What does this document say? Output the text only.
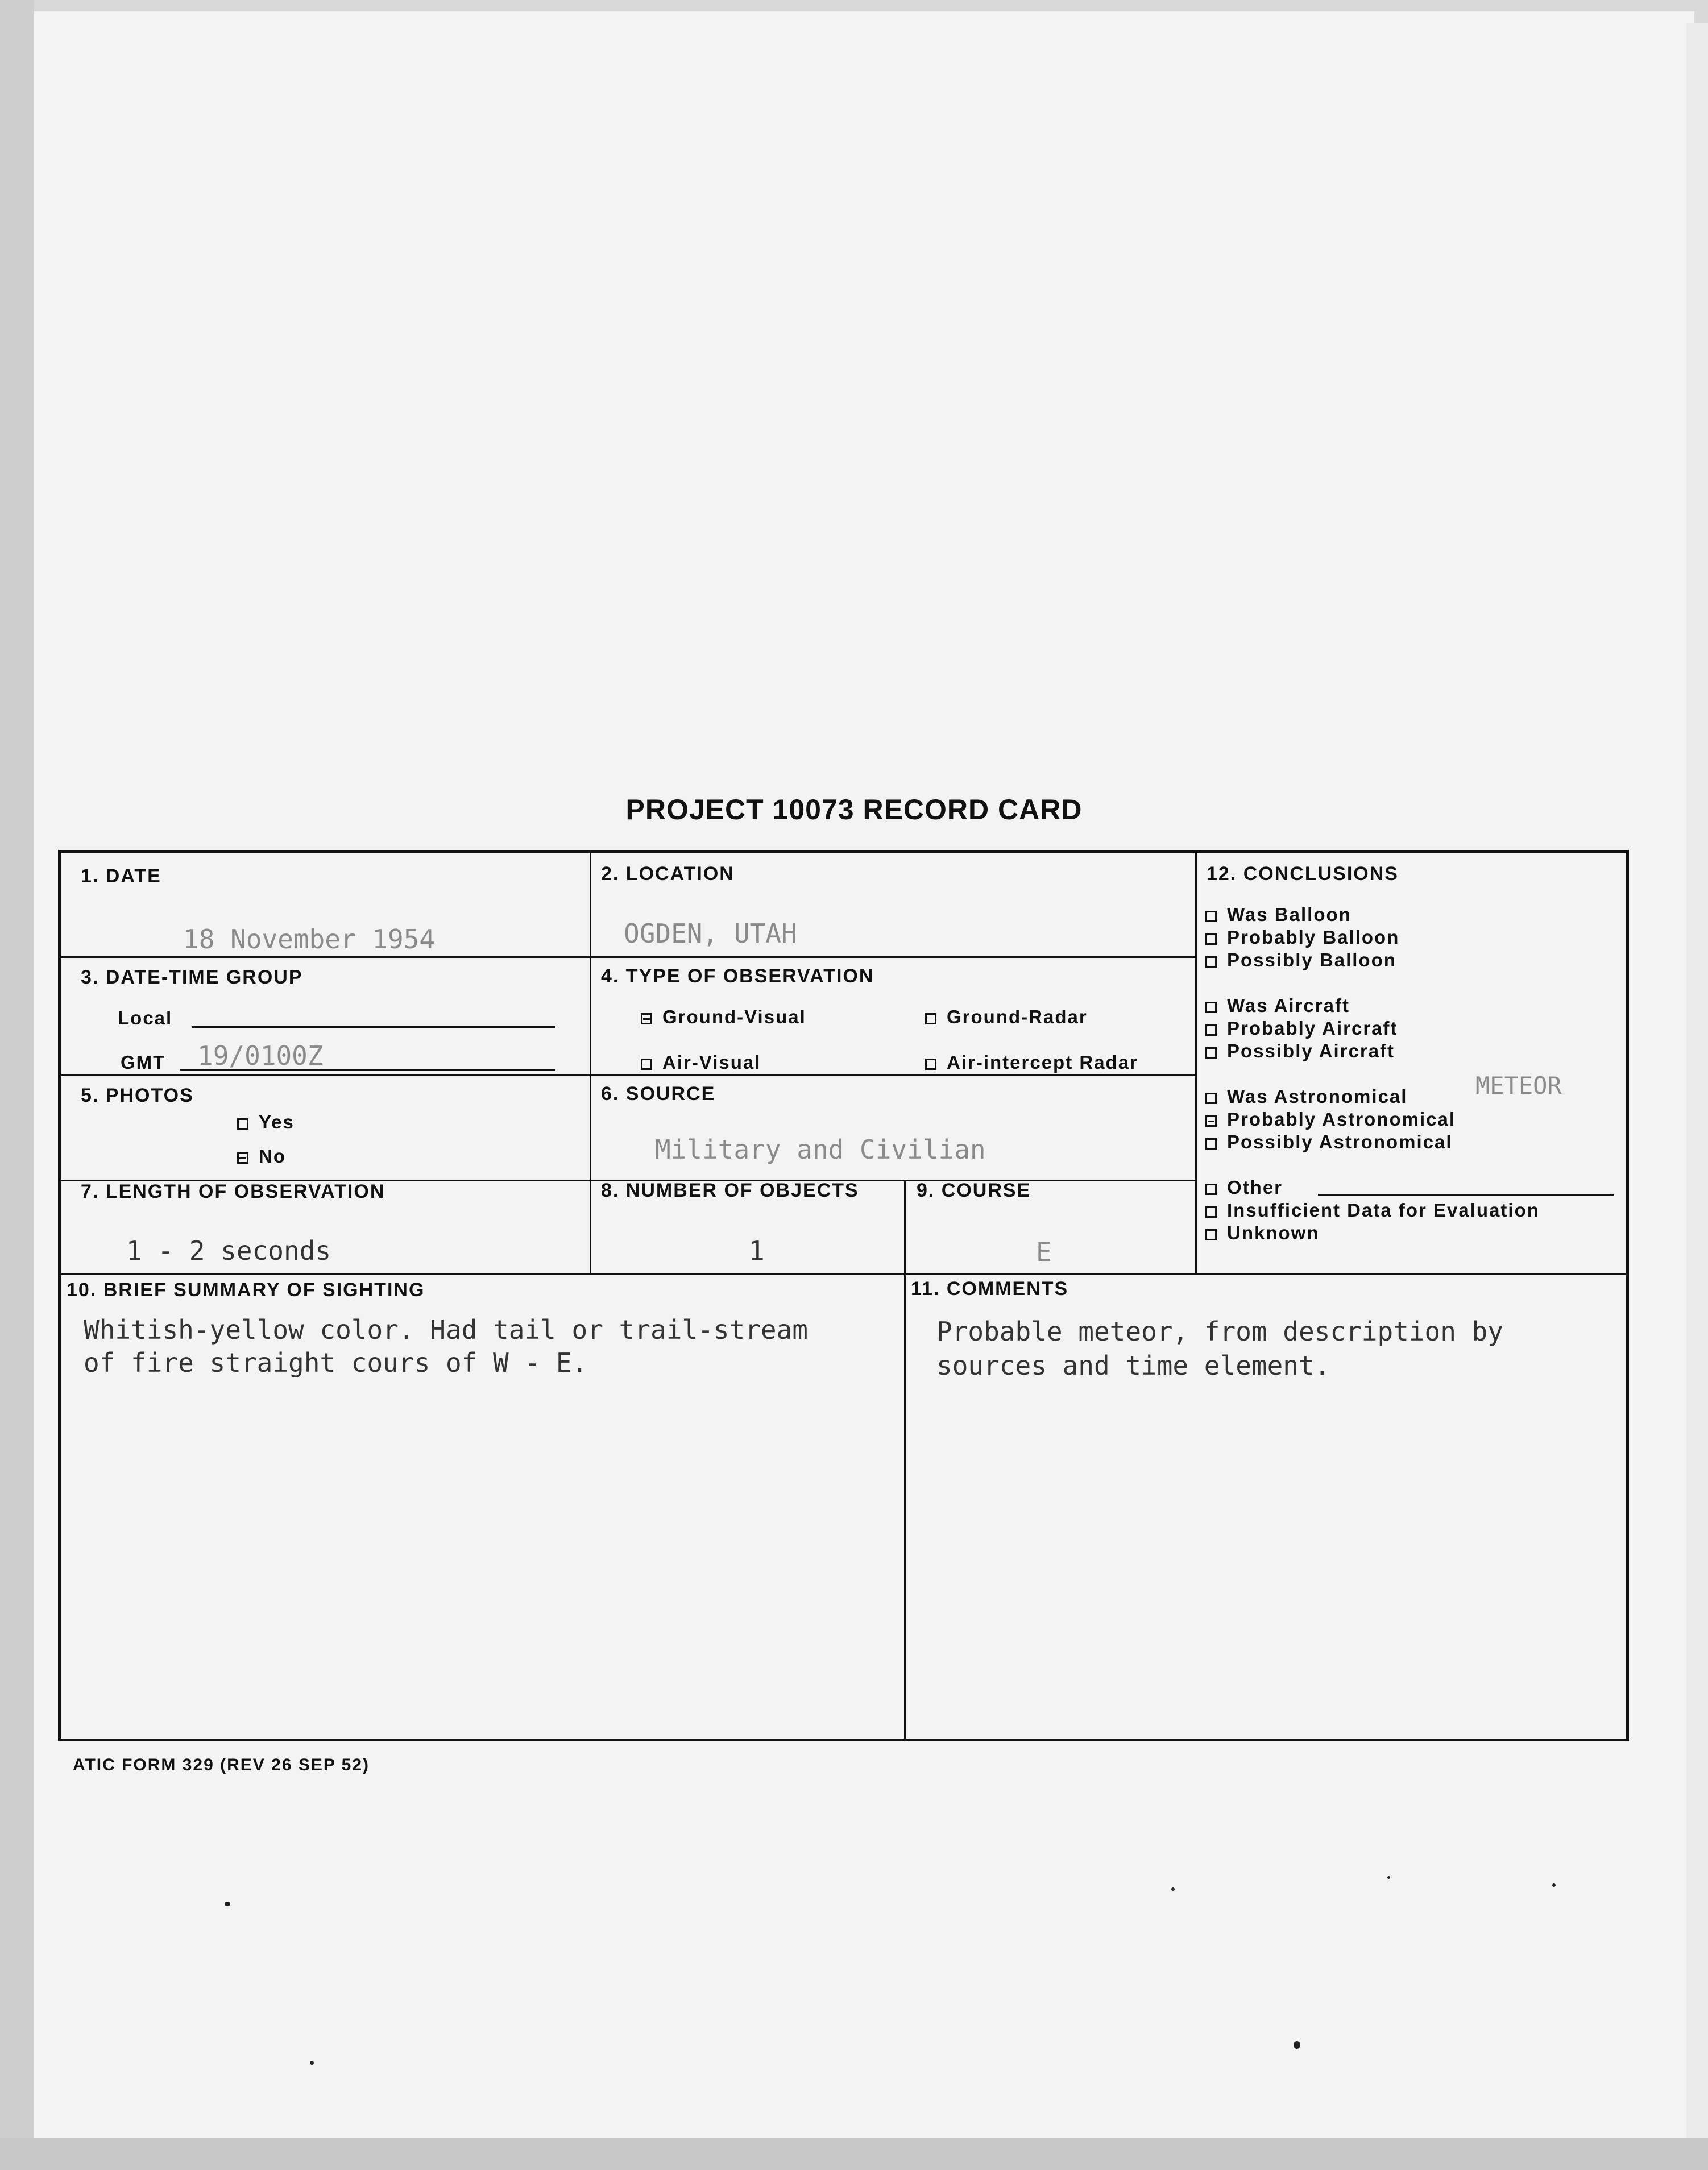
PROJECT 10073 RECORD CARD
1. DATE
18 November 1954
2. LOCATION
OGDEN, UTAH
3. DATE-TIME GROUP
Local
GMT 19/0100Z
4. TYPE OF OBSERVATION
Ground-Visual	Ground-Radar
Air-Visual	Air-intercept Radar
5. PHOTOS
Yes
No
6. SOURCE
Military and Civilian
7. LENGTH OF OBSERVATION
1 - 2 seconds
8. NUMBER OF OBJECTS
1
9. COURSE
E
10. BRIEF SUMMARY OF SIGHTING
Whitish-yellow color. Had tail or trail-stream
of fire straight cours of W - E.
11. COMMENTS
Probable meteor, from description by
sources and time element.
12. CONCLUSIONS
Was Balloon
Probably Balloon
Possibly Balloon
Was Aircraft
Probably Aircraft
Possibly Aircraft
Was Astronomical	METEOR
Probably Astronomical
Possibly Astronomical
Other
Insufficient Data for Evaluation
Unknown
ATIC FORM 329 (REV 26 SEP 52)
